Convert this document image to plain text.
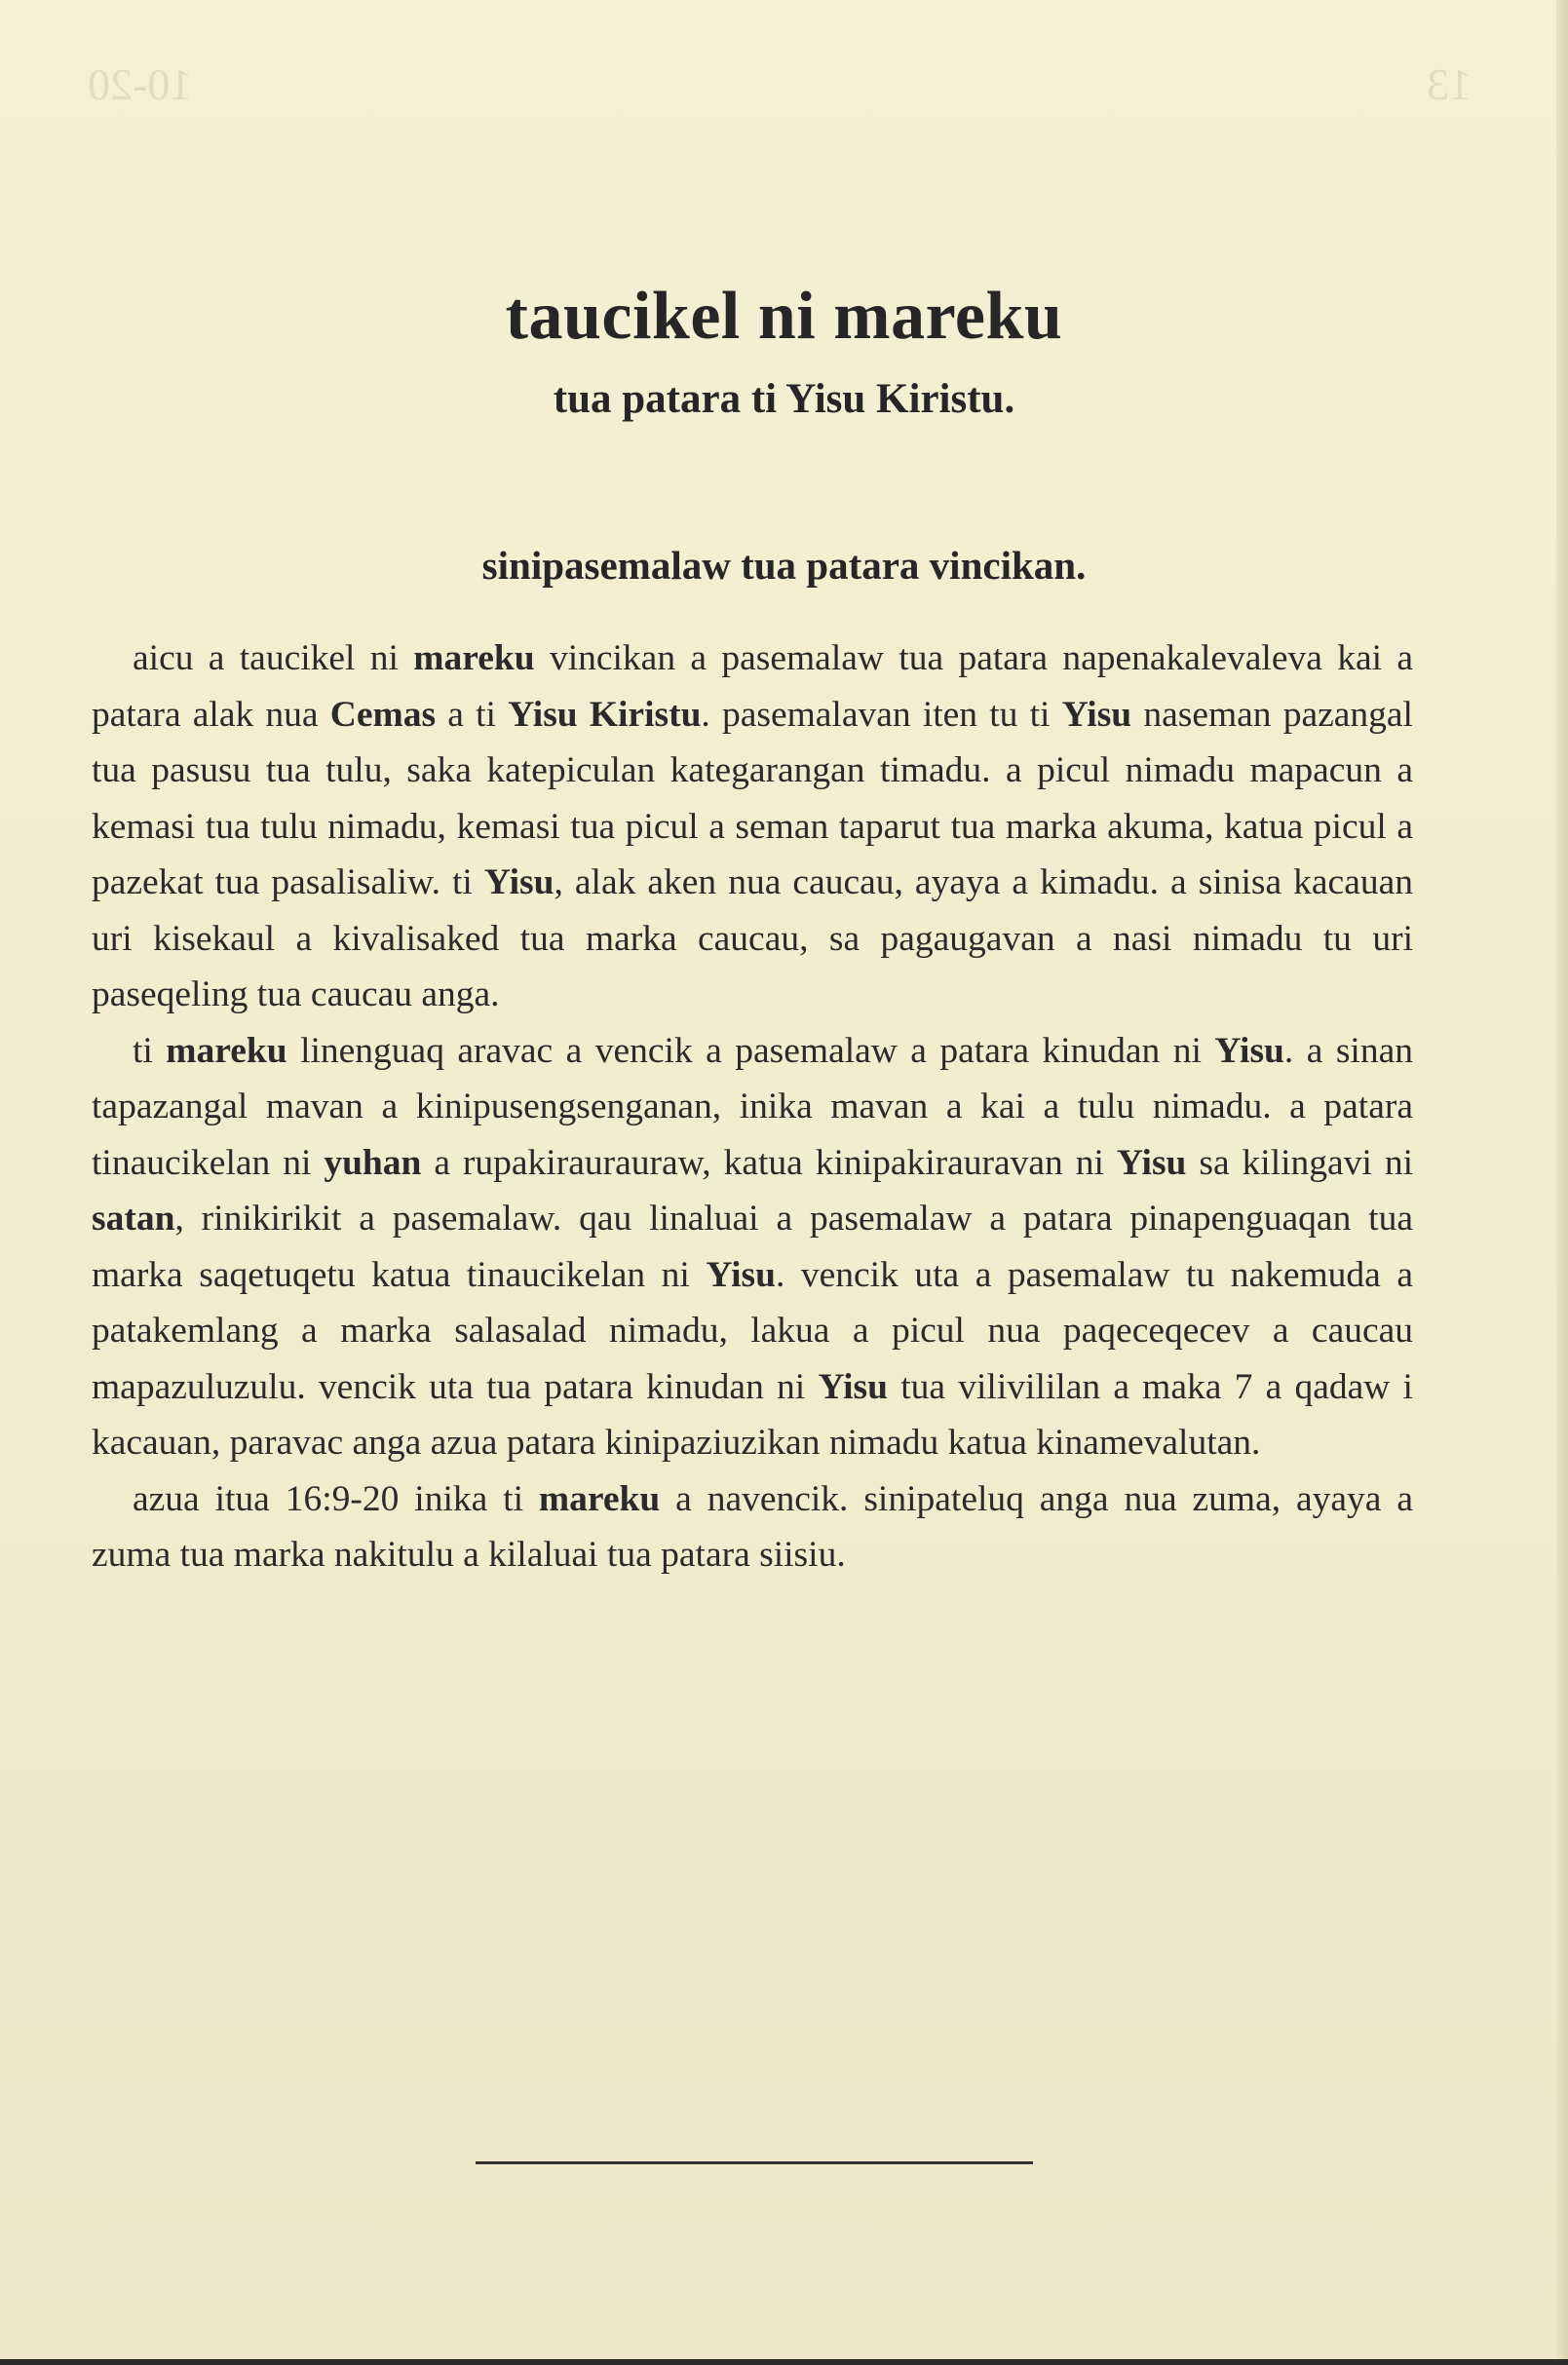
13
10-20
taucikel ni mareku
tua patara ti Yisu Kiristu.
sinipasemalaw tua patara vincikan.

aicu a taucikel ni mareku vincikan a pasemalaw tua patara napenakalevaleva kai a patara alak nua Cemas a ti Yisu Kiristu. pasemalavan iten tu ti Yisu naseman pazangal tua pasusu tua tulu, saka katepiculan kategarangan timadu. a picul nimadu mapacun a kemasi tua tulu nimadu, kemasi tua picul a seman taparut tua marka akuma, katua picul a pazekat tua pasalisaliw. ti Yisu, alak aken nua caucau, ayaya a kimadu. a sinisa kacauan uri kisekaul a kivalisaked tua marka caucau, sa pagaugavan a nasi nimadu tu uri paseqeling tua caucau anga.

ti mareku linenguaq aravac a vencik a pasemalaw a patara kinudan ni Yisu. a sinan tapazangal mavan a kinipusengsenganan, inika mavan a kai a tulu nimadu. a patara tinaucikelan ni yuhan a rupakiraurauraw, katua kinipakirauravan ni Yisu sa kilingavi ni satan, rinikirikit a pasemalaw. qau linaluai a pasemalaw a patara pinapenguaqan tua marka saqetuqetu katua tinaucikelan ni Yisu. vencik uta a pasemalaw tu nakemuda a patakemlang a marka salasalad nimadu, lakua a picul nua paqeceqecev a caucau mapazuluzulu. vencik uta tua patara kinudan ni Yisu tua vilivililan a maka 7 a qadaw i kacauan, paravac anga azua patara kinipaziuzikan nimadu katua kinamevalutan.

azua itua 16:9-20 inika ti mareku a navencik. sinipateluq anga nua zuma, ayaya a zuma tua marka nakitulu a kilaluai tua patara siisiu.
